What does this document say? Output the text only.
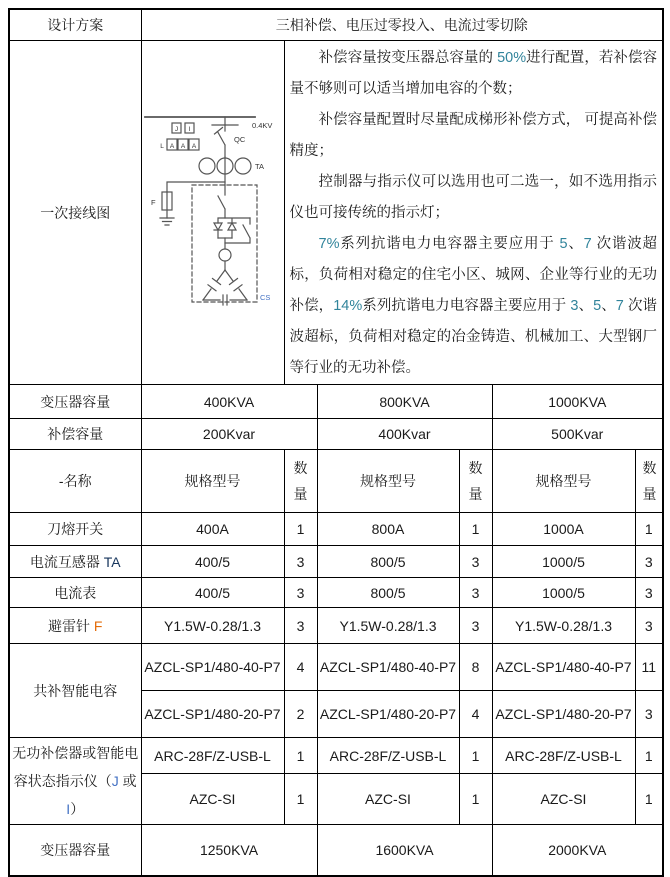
设计方案	三相补偿、电压过零投入、电流过零切除					
一次接线图	
0.4KV
QC
TA
F
CS
J I
L A A A

补偿容量按变压器总容量的 50%进行配置，若补偿容量不够则可以适当增加电容的个数；

补偿容量配置时尽量配成梯形补偿方式， 可提高补偿精度；

控制器与指示仪可以选用也可二选一，如不选用指示仪也可接传统的指示灯；

7%系列抗谐电力电容器主要应用于 5、7 次谐波超标，负荷相对稳定的住宅小区、城网、企业等行业的无功补偿，14%系列抗谐电力电容器主要应用于 3、5、7 次谐波超标，负荷相对稳定的冶金铸造、机械加工、大型钢厂等行业的无功补偿。

变压器容量	400KVA		800KVA		1000KVA	
补偿容量	200Kvar		400Kvar		500Kvar	
-名称	规格型号	数量	规格型号	数量	规格型号	数量
刀熔开关	400A	1	800A	1	1000A	1
电流互感器 TA	400/5	3	800/5	3	1000/5	3
电流表	400/5	3	800/5	3	1000/5	3
避雷针 F	Y1.5W-0.28/1.3	3	Y1.5W-0.28/1.3	3	Y1.5W-0.28/1.3	3
共补智能电容	AZCL-SP1/480-40-P7	4	AZCL-SP1/480-40-P7	8	AZCL-SP1/480-40-P7	11
	AZCL-SP1/480-20-P7	2	AZCL-SP1/480-20-P7	4	AZCL-SP1/480-20-P7	3
无功补偿器或智能电容状态指示仪（J 或 I）	ARC-28F/Z-USB-L	1	ARC-28F/Z-USB-L	1	ARC-28F/Z-USB-L	1
	AZC-SI	1	AZC-SI	1	AZC-SI	1
变压器容量	1250KVA		1600KVA		2000KVA	
